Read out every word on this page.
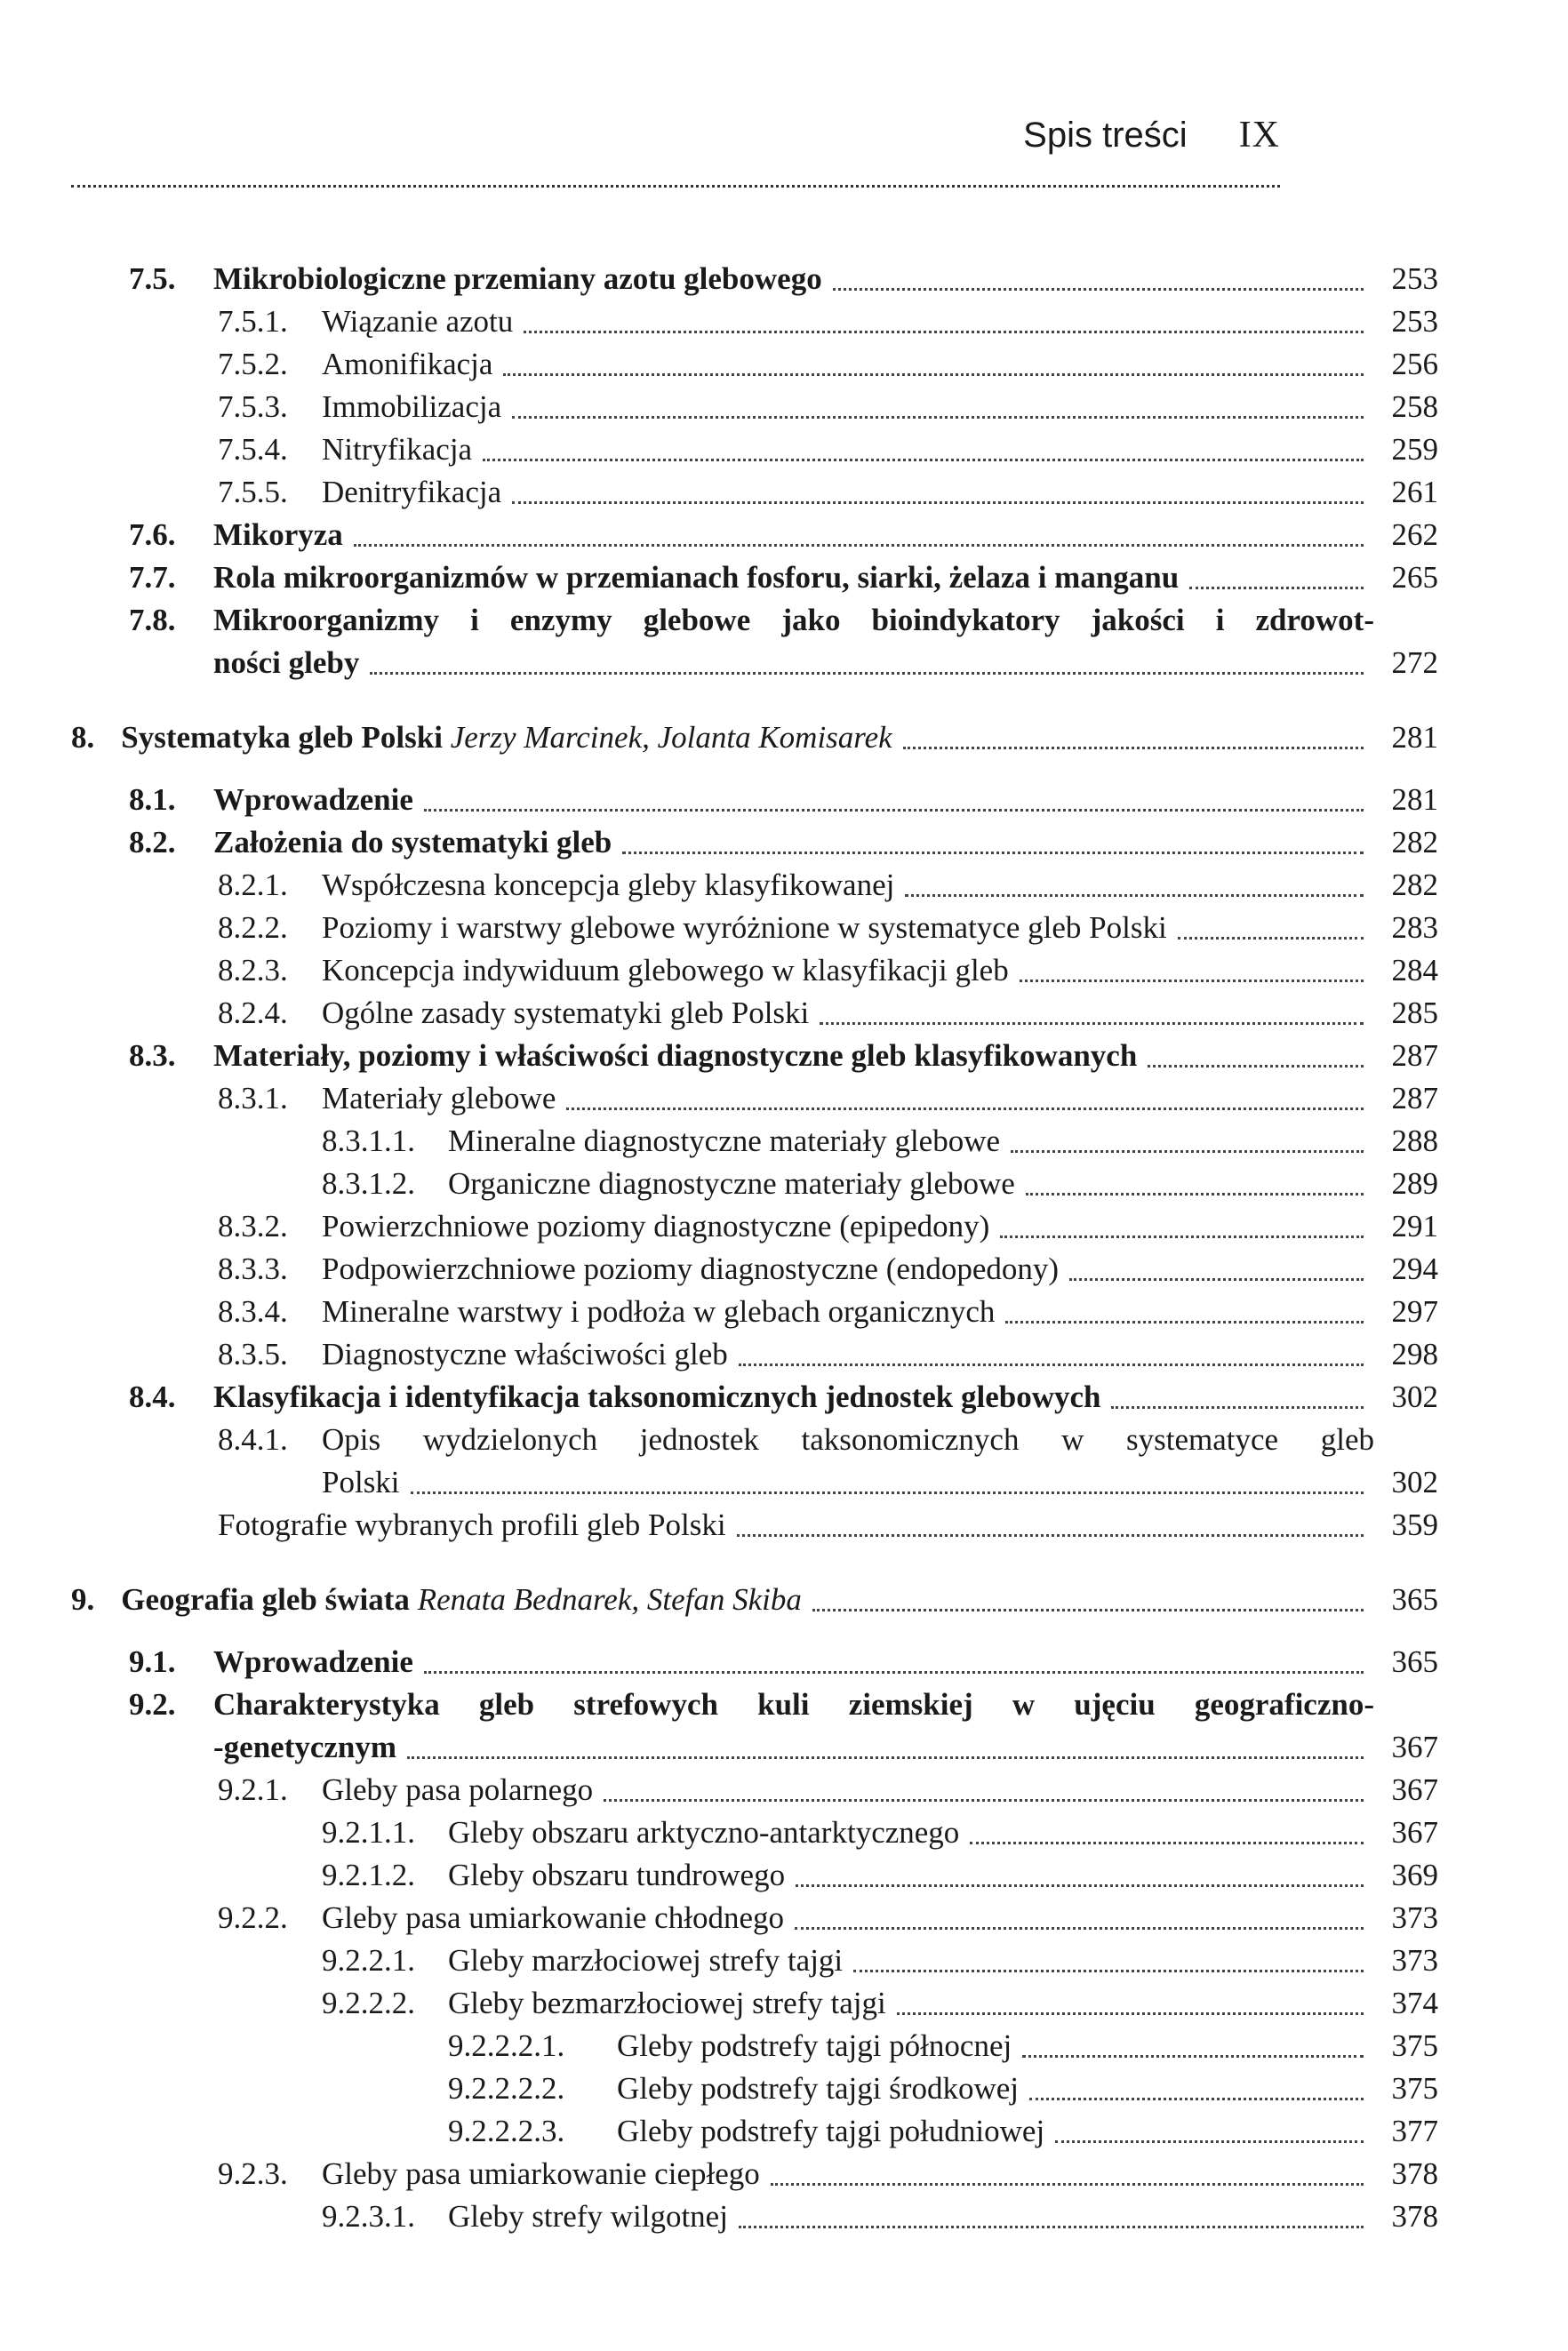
Spis treści IX
7.5.	Mikrobiologiczne przemiany azotu glebowego	253
7.5.1.	Wiązanie azotu	253
7.5.2.	Amonifikacja	256
7.5.3.	Immobilizacja	258
7.5.4.	Nitryfikacja	259
7.5.5.	Denitryfikacja	261
7.6.	Mikoryza	262
7.7.	Rola mikroorganizmów w przemianach fosforu, siarki, żelaza i manganu	265
7.8.	Mikroorganizmy i enzymy glebowe jako bioindykatory jakości i zdrowot-
ności gleby	272
8. Systematyka gleb Polski Jerzy Marcinek, Jolanta Komisarek	281
8.1.	Wprowadzenie	281
8.2.	Założenia do systematyki gleb	282
8.2.1.	Współczesna koncepcja gleby klasyfikowanej	282
8.2.2.	Poziomy i warstwy glebowe wyróżnione w systematyce gleb Polski	283
8.2.3.	Koncepcja indywiduum glebowego w klasyfikacji gleb	284
8.2.4.	Ogólne zasady systematyki gleb Polski	285
8.3.	Materiały, poziomy i właściwości diagnostyczne gleb klasyfikowanych	287
8.3.1.	Materiały glebowe	287
8.3.1.1.	Mineralne diagnostyczne materiały glebowe	288
8.3.1.2.	Organiczne diagnostyczne materiały glebowe	289
8.3.2.	Powierzchniowe poziomy diagnostyczne (epipedony)	291
8.3.3.	Podpowierzchniowe poziomy diagnostyczne (endopedony)	294
8.3.4.	Mineralne warstwy i podłoża w glebach organicznych	297
8.3.5.	Diagnostyczne właściwości gleb	298
8.4.	Klasyfikacja i identyfikacja taksonomicznych jednostek glebowych	302
8.4.1.	Opis wydzielonych jednostek taksonomicznych w systematyce gleb
Polski	302
Fotografie wybranych profili gleb Polski	359
9. Geografia gleb świata Renata Bednarek, Stefan Skiba	365
9.1.	Wprowadzenie	365
9.2.	Charakterystyka gleb strefowych kuli ziemskiej w ujęciu geograficzno-
-genetycznym	367
9.2.1.	Gleby pasa polarnego	367
9.2.1.1.	Gleby obszaru arktyczno-antarktycznego	367
9.2.1.2.	Gleby obszaru tundrowego	369
9.2.2.	Gleby pasa umiarkowanie chłodnego	373
9.2.2.1.	Gleby marzłociowej strefy tajgi	373
9.2.2.2.	Gleby bezmarzłociowej strefy tajgi	374
9.2.2.2.1.	Gleby podstrefy tajgi północnej	375
9.2.2.2.2.	Gleby podstrefy tajgi środkowej	375
9.2.2.2.3.	Gleby podstrefy tajgi południowej	377
9.2.3.	Gleby pasa umiarkowanie ciepłego	378
9.2.3.1.	Gleby strefy wilgotnej	378
